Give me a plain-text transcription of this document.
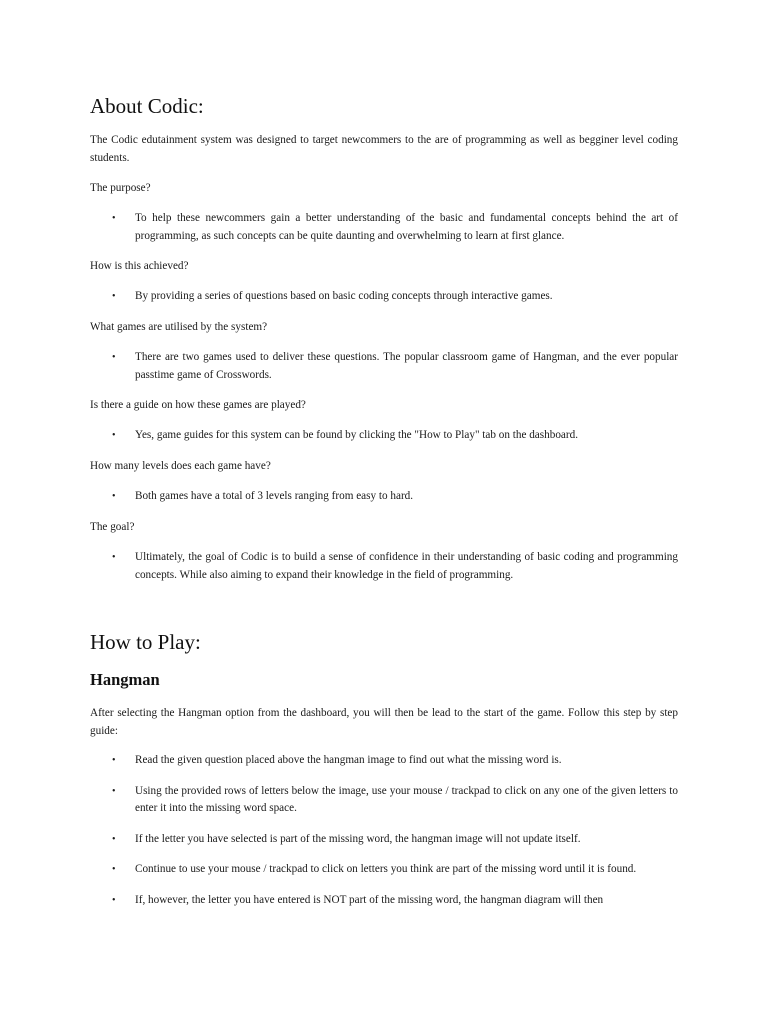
About Codic:

The Codic edutainment system was designed to target newcommers to the are of programming as well as begginer level coding students.

The purpose?

• To help these newcommers gain a better understanding of the basic and fundamental concepts behind the art of programming, as such concepts can be quite daunting and overwhelming to learn at first glance.

How is this achieved?

• By providing a series of questions based on basic coding concepts through interactive games.

What games are utilised by the system?

• There are two games used to deliver these questions. The popular classroom game of Hangman, and the ever popular passtime game of Crosswords.

Is there a guide on how these games are played?

• Yes, game guides for this system can be found by clicking the "How to Play" tab on the dashboard.

How many levels does each game have?

• Both games have a total of 3 levels ranging from easy to hard.

The goal?

• Ultimately, the goal of Codic is to build a sense of confidence in their understanding of basic coding and programming concepts. While also aiming to expand their knowledge in the field of programming.
How to Play:
Hangman

After selecting the Hangman option from the dashboard, you will then be lead to the start of the game. Follow this step by step guide:

• Read the given question placed above the hangman image to find out what the missing word is.
• Using the provided rows of letters below the image, use your mouse / trackpad to click on any one of the given letters to enter it into the missing word space.
• If the letter you have selected is part of the missing word, the hangman image will not update itself.
• Continue to use your mouse / trackpad to click on letters you think are part of the missing word until it is found.
• If, however, the letter you have entered is NOT part of the missing word, the hangman diagram will then
